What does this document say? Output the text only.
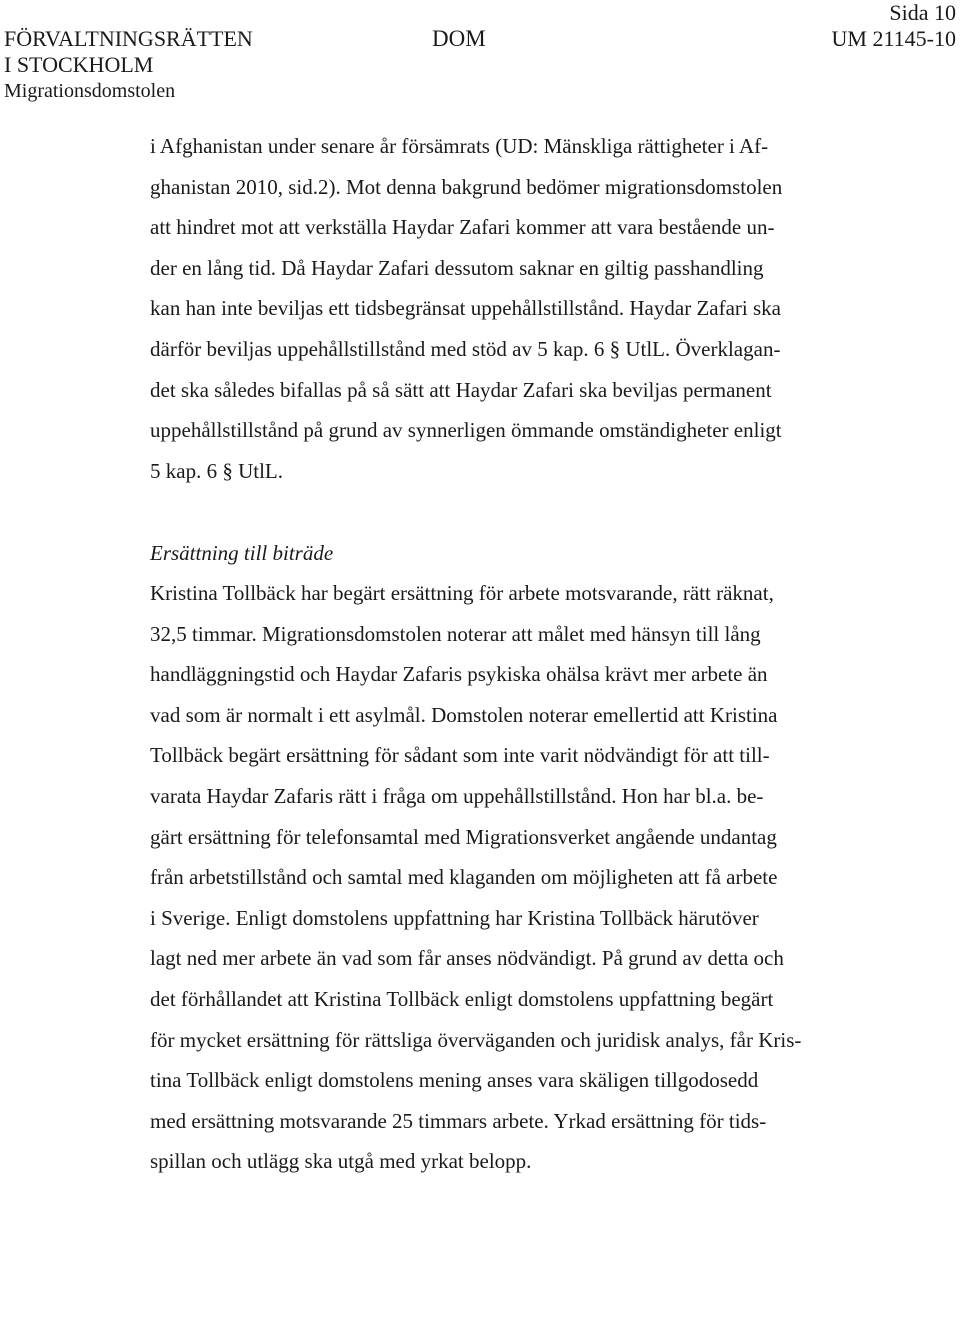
FÖRVALTNINGSRÄTTEN
I STOCKHOLM
Migrationsdomstolen
DOM
Sida 10
UM 21145-10
i Afghanistan under senare år försämrats (UD: Mänskliga rättigheter i Af-
ghanistan 2010, sid.2). Mot denna bakgrund bedömer migrationsdomstolen
att hindret mot att verkställa Haydar Zafari kommer att vara bestående un-
der en lång tid. Då Haydar Zafari dessutom saknar en giltig passhandling
kan han inte beviljas ett tidsbegränsat uppehållstillstånd. Haydar Zafari ska
därför beviljas uppehållstillstånd med stöd av 5 kap. 6 § UtlL. Överklagan-
det ska således bifallas på så sätt att Haydar Zafari ska beviljas permanent
uppehållstillstånd på grund av synnerligen ömmande omständigheter enligt
5 kap. 6 § UtlL.
Ersättning till biträde
Kristina Tollbäck har begärt ersättning för arbete motsvarande, rätt räknat,
32,5 timmar. Migrationsdomstolen noterar att målet med hänsyn till lång
handläggningstid och Haydar Zafaris psykiska ohälsa krävt mer arbete än
vad som är normalt i ett asylmål. Domstolen noterar emellertid att Kristina
Tollbäck begärt ersättning för sådant som inte varit nödvändigt för att till-
varata Haydar Zafaris rätt i fråga om uppehållstillstånd. Hon har bl.a. be-
gärt ersättning för telefonsamtal med Migrationsverket angående undantag
från arbetstillstånd och samtal med klaganden om möjligheten att få arbete
i Sverige. Enligt domstolens uppfattning har Kristina Tollbäck härutöver
lagt ned mer arbete än vad som får anses nödvändigt. På grund av detta och
det förhållandet att Kristina Tollbäck enligt domstolens uppfattning begärt
för mycket ersättning för rättsliga överväganden och juridisk analys, får Kris-
tina Tollbäck enligt domstolens mening anses vara skäligen tillgodosedd
med ersättning motsvarande 25 timmars arbete. Yrkad ersättning för tids-
spillan och utlägg ska utgå med yrkat belopp.
